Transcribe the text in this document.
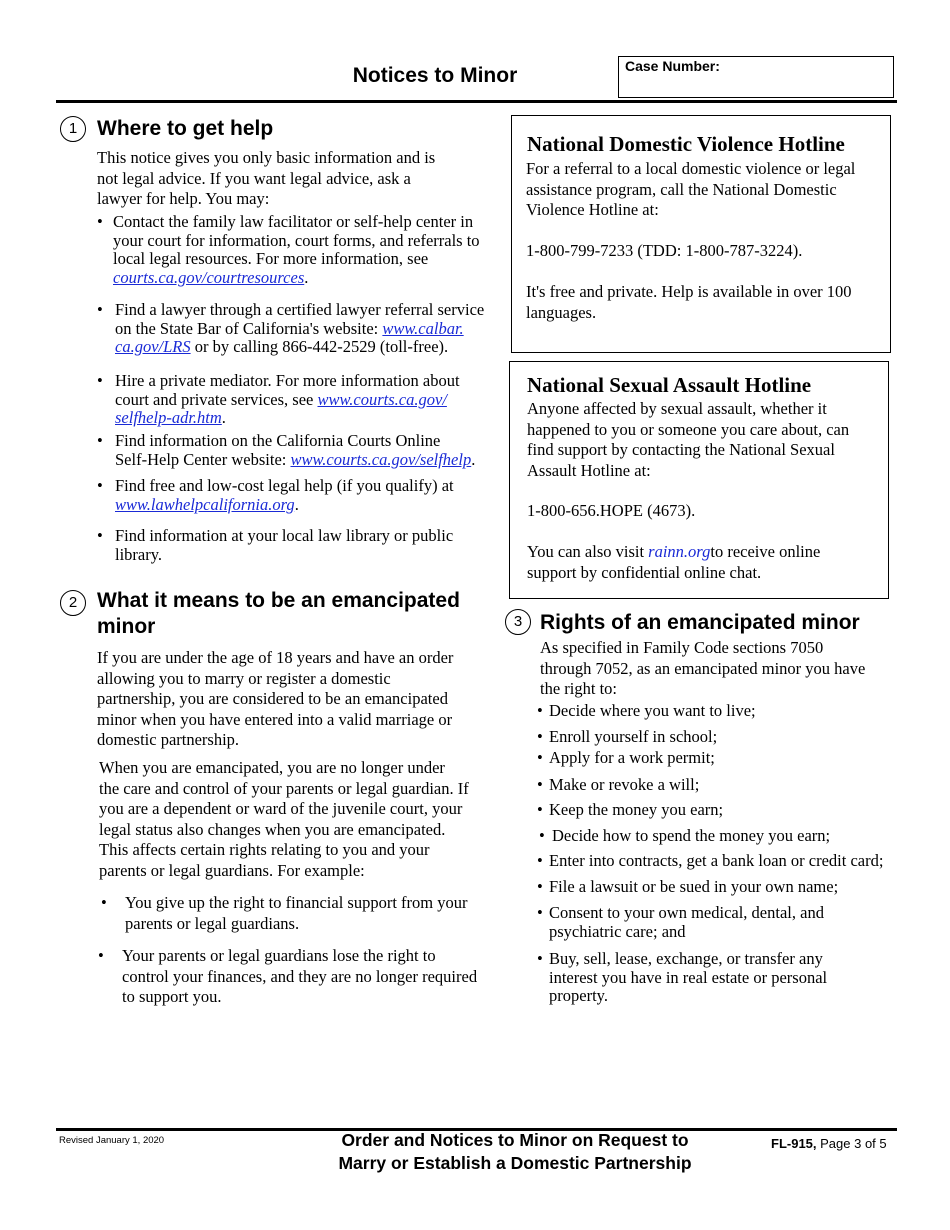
Notices to Minor	Case Number:
1 Where to get help
This notice gives you only basic information and is
not legal advice. If you want legal advice, ask a
lawyer for help. You may:
• Contact the family law facilitator or self-help center in
your court for information, court forms, and referrals to
local legal resources. For more information, see
courts.ca.gov/courtresources.
• Find a lawyer through a certified lawyer referral service
on the State Bar of California's website: www.calbar.
ca.gov/LRS or by calling 866-442-2529 (toll-free).
• Hire a private mediator. For more information about
court and private services, see www.courts.ca.gov/
selfhelp-adr.htm.
• Find information on the California Courts Online
Self-Help Center website: www.courts.ca.gov/selfhelp.
• Find free and low-cost legal help (if you qualify) at
www.lawhelpcalifornia.org.
• Find information at your local law library or public
library.
2 What it means to be an emancipated
minor
If you are under the age of 18 years and have an order
allowing you to marry or register a domestic
partnership, you are considered to be an emancipated
minor when you have entered into a valid marriage or
domestic partnership.
When you are emancipated, you are no longer under
the care and control of your parents or legal guardian. If
you are a dependent or ward of the juvenile court, your
legal status also changes when you are emancipated.
This affects certain rights relating to you and your
parents or legal guardians. For example:
• You give up the right to financial support from your
parents or legal guardians.
• Your parents or legal guardians lose the right to
control your finances, and they are no longer required
to support you.
National Domestic Violence Hotline
For a referral to a local domestic violence or legal
assistance program, call the National Domestic
Violence Hotline at:
1-800-799-7233 (TDD: 1-800-787-3224).
It's free and private. Help is available in over 100
languages.
National Sexual Assault Hotline
Anyone affected by sexual assault, whether it
happened to you or someone you care about, can
find support by contacting the National Sexual
Assault Hotline at:
1-800-656.HOPE (4673).
You can also visit rainn.orgto receive online
support by confidential online chat.
3 Rights of an emancipated minor
As specified in Family Code sections 7050
through 7052, as an emancipated minor you have
the right to:
• Decide where you want to live;
• Enroll yourself in school;
• Apply for a work permit;
• Make or revoke a will;
• Keep the money you earn;
• Decide how to spend the money you earn;
• Enter into contracts, get a bank loan or credit card;
• File a lawsuit or be sued in your own name;
• Consent to your own medical, dental, and
psychiatric care; and
• Buy, sell, lease, exchange, or transfer any
interest you have in real estate or personal
property.
Revised January 1, 2020	Order and Notices to Minor on Request to
Marry or Establish a Domestic Partnership
FL-915, Page 3 of 5
